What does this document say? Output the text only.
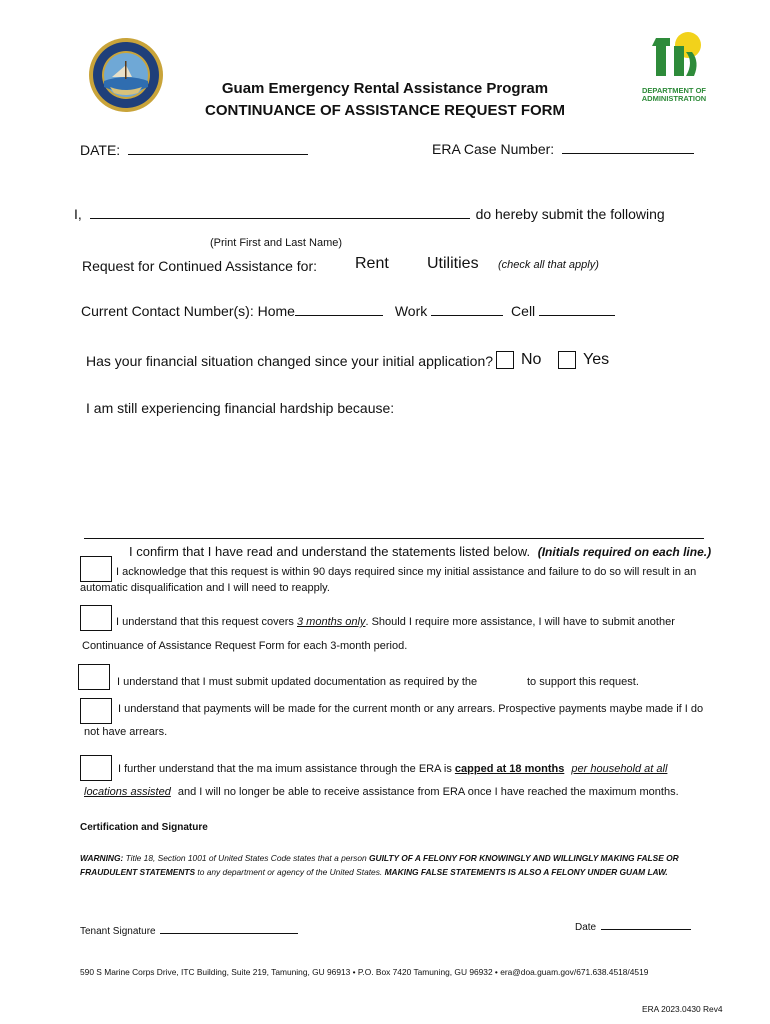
DEPARTMENT OF
ADMINISTRATION
Guam Emergency Rental Assistance Program
CONTINUANCE OF ASSISTANCE REQUEST FORM
DATE:	ERA Case Number:
I,	do hereby submit the following
(Print First and Last Name)
Request for Continued Assistance for: Rent Utilities (check all that apply)
Current Contact Number(s): Home	Work	Cell
Has your financial situation changed since your initial application? No	Yes
I am still experiencing financial hardship because:
I confirm that I have read and understand the statements listed below. (Initials required on each line.)
I acknowledge that this request is within 90 days required since my initial assistance and failure to do so will result in an
automatic disqualification and I will need to reapply.
I understand that this request covers 3 months only. Should I require more assistance, I will have to submit another
Continuance of Assistance Request Form for each 3-month period.
I understand that I must submit updated documentation as required by the	to support this request.
I understand that payments will be made for the current month or any arrears. Prospective payments maybe made if I do
not have arrears.
I further understand that the ma imum assistance through the ERA is capped at 18 months per household at all
locations assisted and I will no longer be able to receive assistance from ERA once I have reached the maximum months.
Certification and Signature
WARNING: Title 18, Section 1001 of United States Code states that a person GUILTY OF A FELONY FOR KNOWINGLY AND WILLINGLY MAKING FALSE OR FRAUDULENT STATEMENTS to any department or agency of the United States. MAKING FALSE STATEMENTS IS ALSO A FELONY UNDER GUAM LAW.
Tenant Signature	Date
590 S Marine Corps Drive, ITC Building, Suite 219, Tamuning, GU 96913 • P.O. Box 7420 Tamuning, GU 96932 • era@doa.guam.gov/671.638.4518/4519
ERA 2023.0430 Rev4
